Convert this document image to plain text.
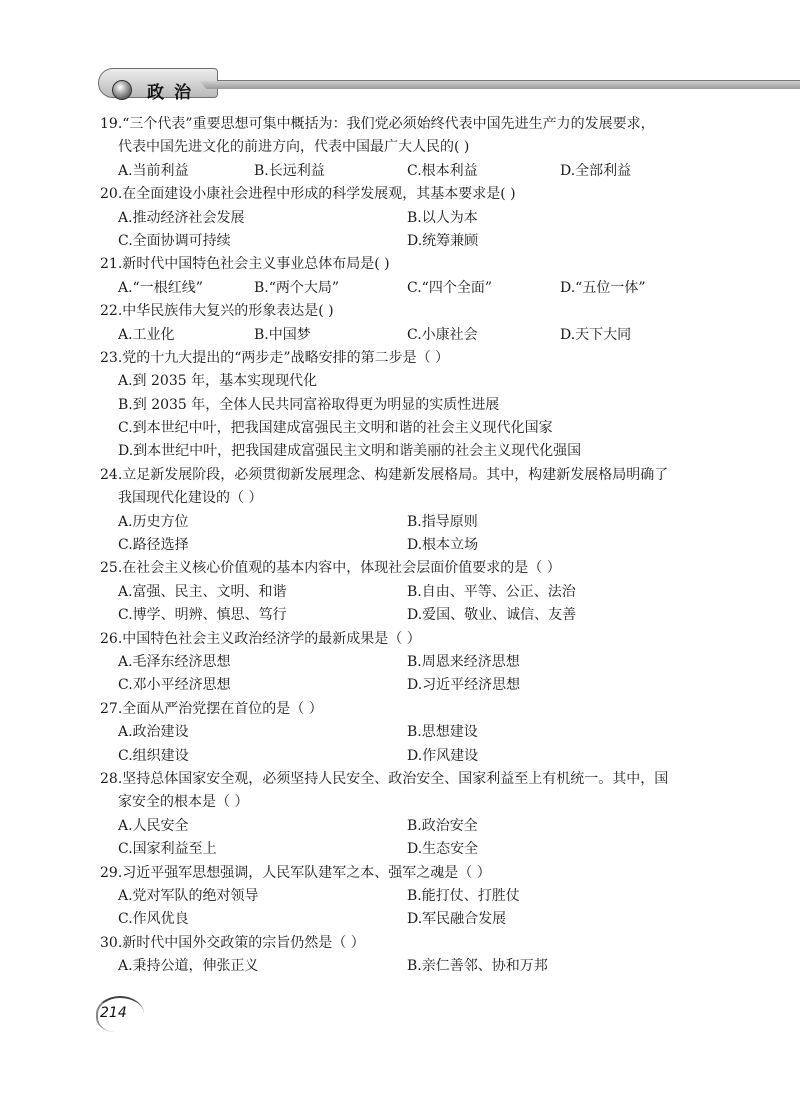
政治
19.“三个代表”重要思想可集中概括为：我们党必须始终代表中国先进生产力的发展要求，
代表中国先进文化的前进方向，代表中国最广大人民的( )
A.当前利益	B.长远利益	C.根本利益	D.全部利益
20.在全面建设小康社会进程中形成的科学发展观，其基本要求是( )
A.推动经济社会发展	B.以人为本
C.全面协调可持续	D.统筹兼顾
21.新时代中国特色社会主义事业总体布局是( )
A.“一根红线”	B.“两个大局”	C.“四个全面”	D.“五位一体”
22.中华民族伟大复兴的形象表达是( )
A.工业化	B.中国梦	C.小康社会	D.天下大同
23.党的十九大提出的“两步走”战略安排的第二步是（ ）
A.到 2035 年，基本实现现代化
B.到 2035 年，全体人民共同富裕取得更为明显的实质性进展
C.到本世纪中叶，把我国建成富强民主文明和谐的社会主义现代化国家
D.到本世纪中叶，把我国建成富强民主文明和谐美丽的社会主义现代化强国
24.立足新发展阶段，必须贯彻新发展理念、构建新发展格局。其中，构建新发展格局明确了
我国现代化建设的（ ）
A.历史方位	B.指导原则
C.路径选择	D.根本立场
25.在社会主义核心价值观的基本内容中，体现社会层面价值要求的是（ ）
A.富强、民主、文明、和谐	B.自由、平等、公正、法治
C.博学、明辨、慎思、笃行	D.爱国、敬业、诚信、友善
26.中国特色社会主义政治经济学的最新成果是（ ）
A.毛泽东经济思想	B.周恩来经济思想
C.邓小平经济思想	D.习近平经济思想
27.全面从严治党摆在首位的是（ ）
A.政治建设	B.思想建设
C.组织建设	D.作风建设
28.坚持总体国家安全观，必须坚持人民安全、政治安全、国家利益至上有机统一。其中，国
家安全的根本是（ ）
A.人民安全	B.政治安全
C.国家利益至上	D.生态安全
29.习近平强军思想强调，人民军队建军之本、强军之魂是（ ）
A.党对军队的绝对领导	B.能打仗、打胜仗
C.作风优良	D.军民融合发展
30.新时代中国外交政策的宗旨仍然是（ ）
A.秉持公道，伸张正义	B.亲仁善邻、协和万邦
214
